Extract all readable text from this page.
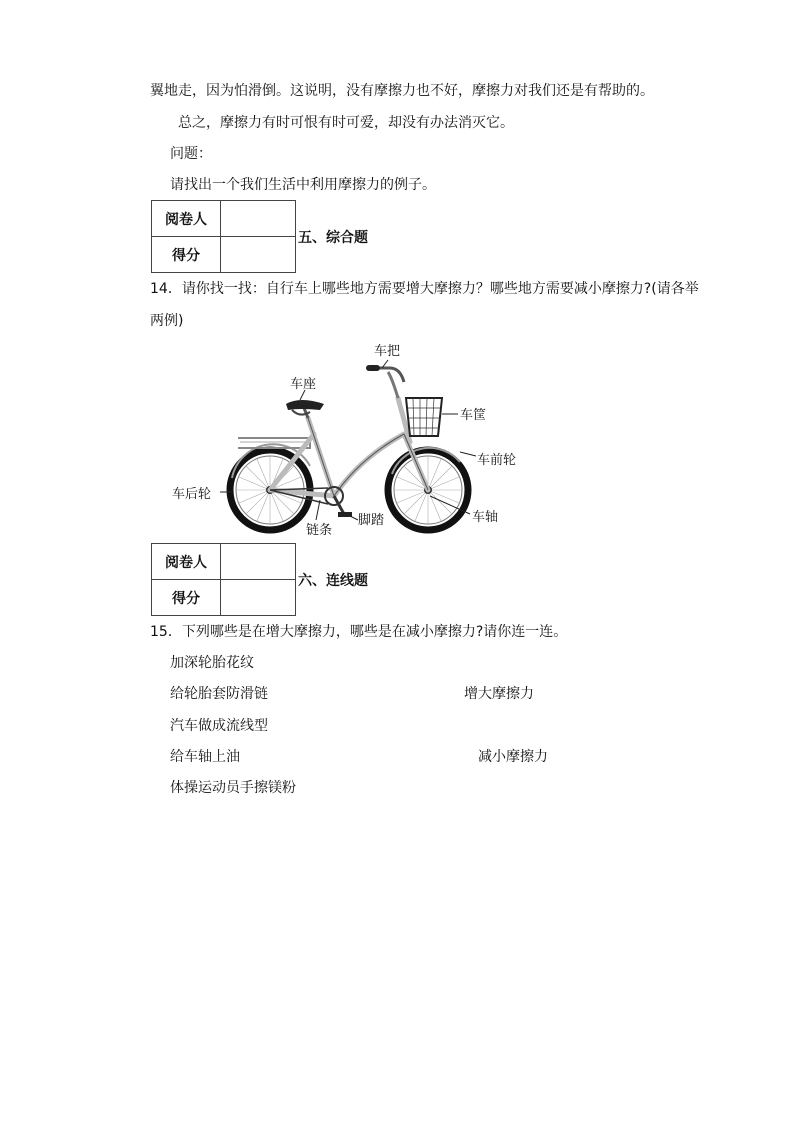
翼地走，因为怕滑倒。这说明，没有摩擦力也不好，摩擦力对我们还是有帮助的。
总之，摩擦力有时可恨有时可爱，却没有办法消灭它。
问题：
请找出一个我们生活中利用摩擦力的例子。
阅卷人	
得分	
五、综合题
14．请你找一找：自行车上哪些地方需要增大摩擦力？哪些地方需要减小摩擦力?(请各举
两例)
车把
车座
车筐
车前轮
车后轮
车轴
脚踏
链条
阅卷人	
得分	
六、连线题
15．下列哪些是在增大摩擦力，哪些是在减小摩擦力?请你连一连。
加深轮胎花纹
给轮胎套防滑链
汽车做成流线型
给车轴上油
体操运动员手擦镁粉
增大摩擦力
减小摩擦力
